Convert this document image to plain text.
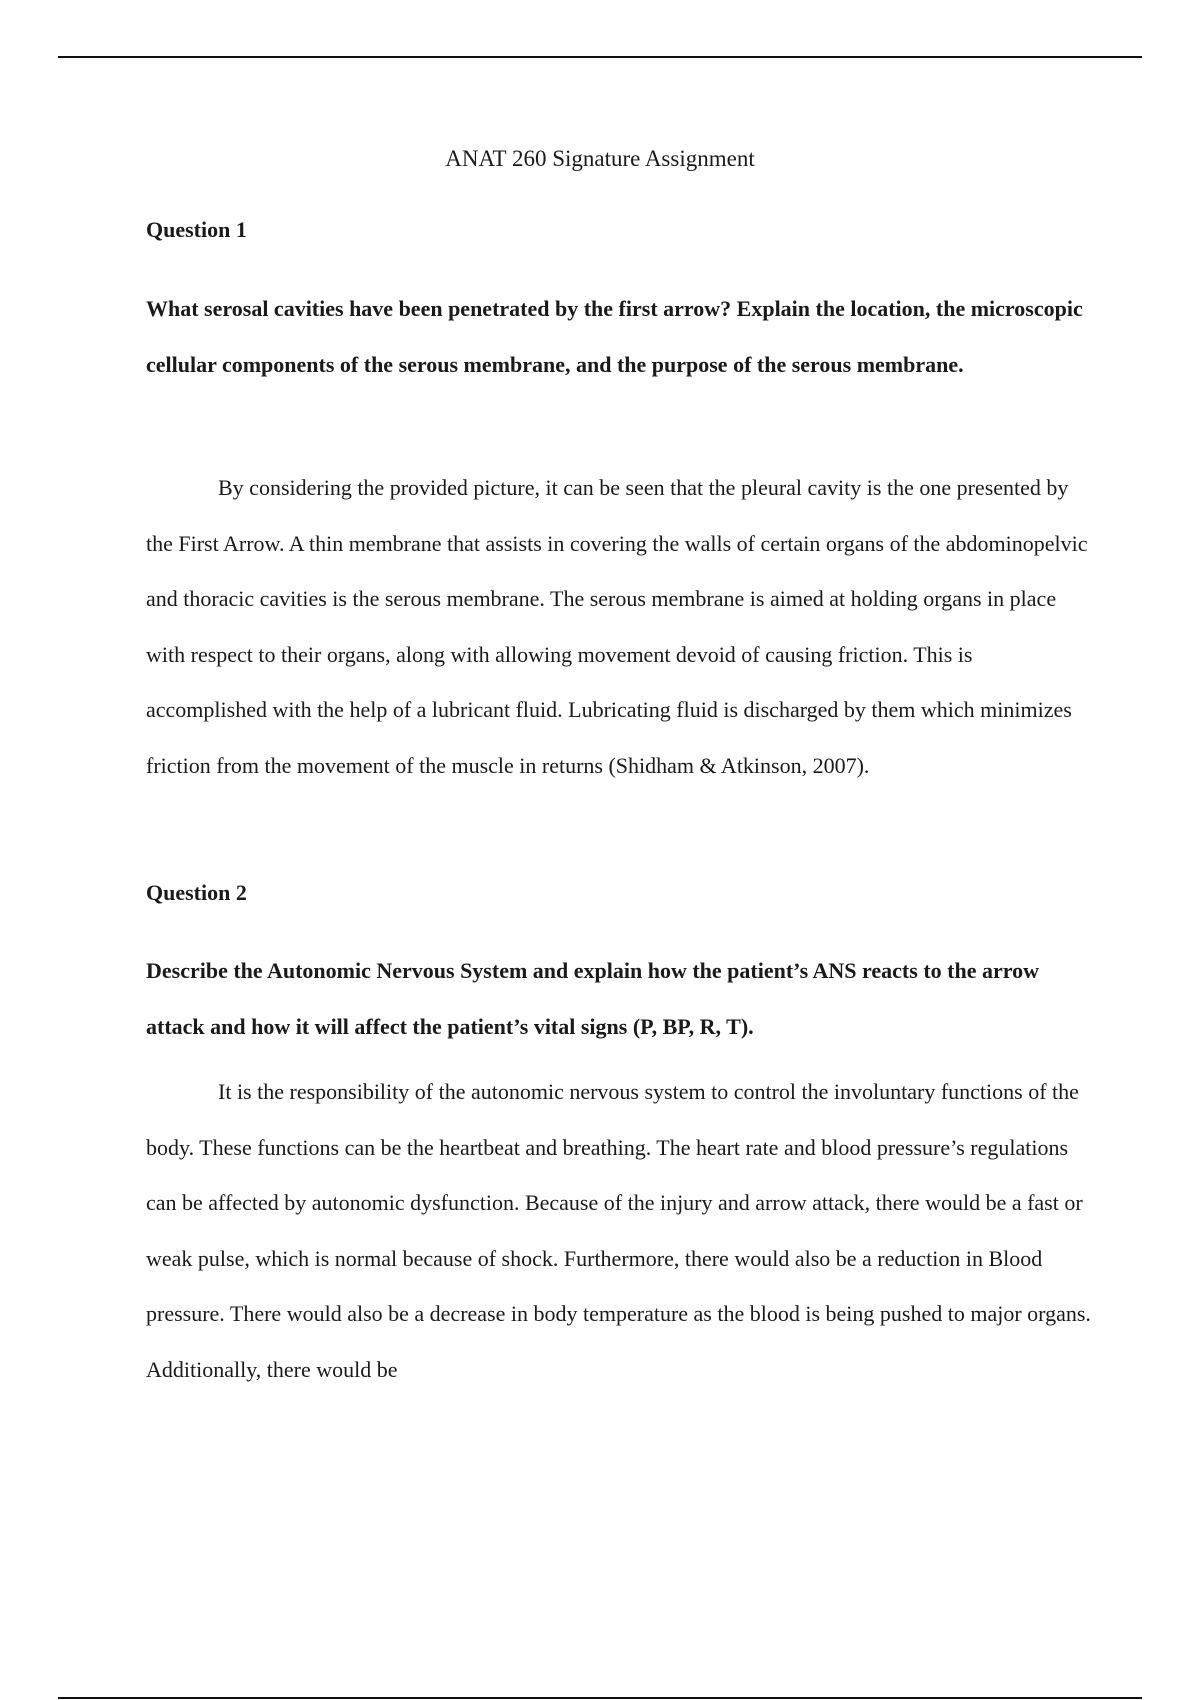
ANAT 260 Signature Assignment
Question 1

What serosal cavities have been penetrated by the first arrow? Explain the location, the microscopic cellular components of the serous membrane, and the purpose of the serous membrane.

By considering the provided picture, it can be seen that the pleural cavity is the one presented by the First Arrow. A thin membrane that assists in covering the walls of certain organs of the abdominopelvic and thoracic cavities is the serous membrane. The serous membrane is aimed at holding organs in place with respect to their organs, along with allowing movement devoid of causing friction. This is accomplished with the help of a lubricant fluid. Lubricating fluid is discharged by them which minimizes friction from the movement of the muscle in returns (Shidham & Atkinson, 2007).

Question 2

Describe the Autonomic Nervous System and explain how the patient’s ANS reacts to the arrow attack and how it will affect the patient’s vital signs (P, BP, R, T).

It is the responsibility of the autonomic nervous system to control the involuntary functions of the body. These functions can be the heartbeat and breathing. The heart rate and blood pressure’s regulations can be affected by autonomic dysfunction. Because of the injury and arrow attack, there would be a fast or weak pulse, which is normal because of shock. Furthermore, there would also be a reduction in Blood pressure. There would also be a decrease in body temperature as the blood is being pushed to major organs. Additionally, there would be
